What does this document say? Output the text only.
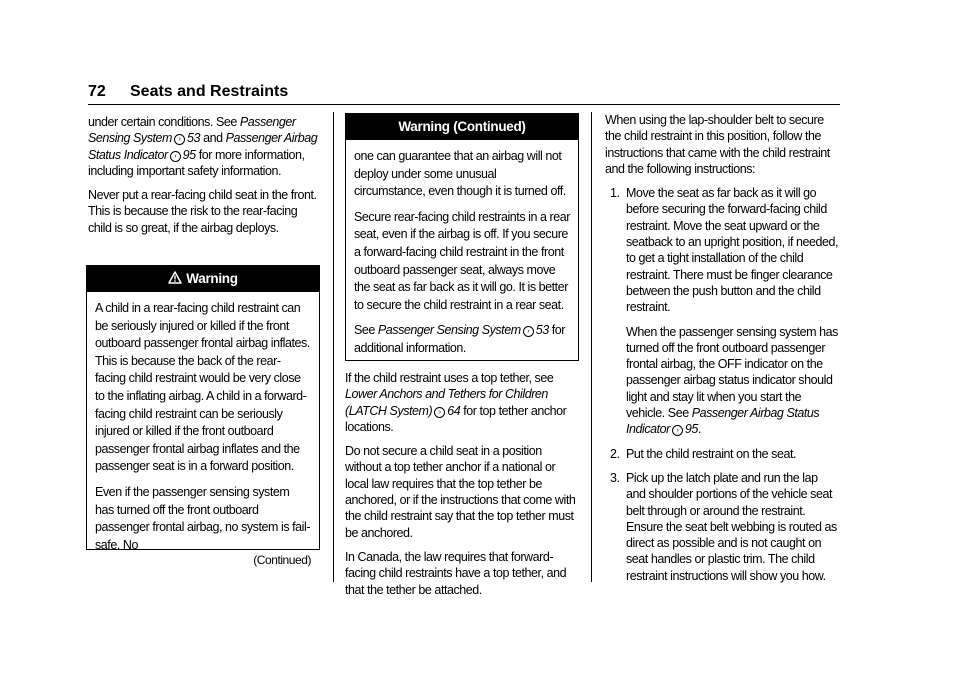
72 Seats and Restraints

under certain conditions. See Passenger Sensing System › 53 and Passenger Airbag Status Indicator › 95 for more information, including important safety information.

Never put a rear-facing child seat in the front. This is because the risk to the rear-facing child is so great, if the airbag deploys.

Warning

A child in a rear-facing child restraint can be seriously injured or killed if the front outboard passenger frontal airbag inflates. This is because the back of the rear-facing child restraint would be very close to the inflating airbag. A child in a forward-facing child restraint can be seriously injured or killed if the front outboard passenger frontal airbag inflates and the passenger seat is in a forward position.

Even if the passenger sensing system has turned off the front outboard passenger frontal airbag, no system is fail-safe. No

(Continued)
Warning (Continued)

one can guarantee that an airbag will not deploy under some unusual circumstance, even though it is turned off.

Secure rear-facing child restraints in a rear seat, even if the airbag is off. If you secure a forward-facing child restraint in the front outboard passenger seat, always move the seat as far back as it will go. It is better to secure the child restraint in a rear seat.

See Passenger Sensing System › 53 for additional information.

If the child restraint uses a top tether, see Lower Anchors and Tethers for Children (LATCH System) › 64 for top tether anchor locations.

Do not secure a child seat in a position without a top tether anchor if a national or local law requires that the top tether be anchored, or if the instructions that come with the child restraint say that the top tether must be anchored.

In Canada, the law requires that forward-facing child restraints have a top tether, and that the tether be attached.

When using the lap-shoulder belt to secure the child restraint in this position, follow the instructions that came with the child restraint and the following instructions:

1. Move the seat as far back as it will go before securing the forward-facing child restraint. Move the seat upward or the seatback to an upright position, if needed, to get a tight installation of the child restraint. There must be finger clearance between the push button and the child restraint.

When the passenger sensing system has turned off the front outboard passenger frontal airbag, the OFF indicator on the passenger airbag status indicator should light and stay lit when you start the vehicle. See Passenger Airbag Status Indicator › 95.

2. Put the child restraint on the seat.

3. Pick up the latch plate and run the lap and shoulder portions of the vehicle seat belt through or around the restraint. Ensure the seat belt webbing is routed as direct as possible and is not caught on seat handles or plastic trim. The child restraint instructions will show you how.
